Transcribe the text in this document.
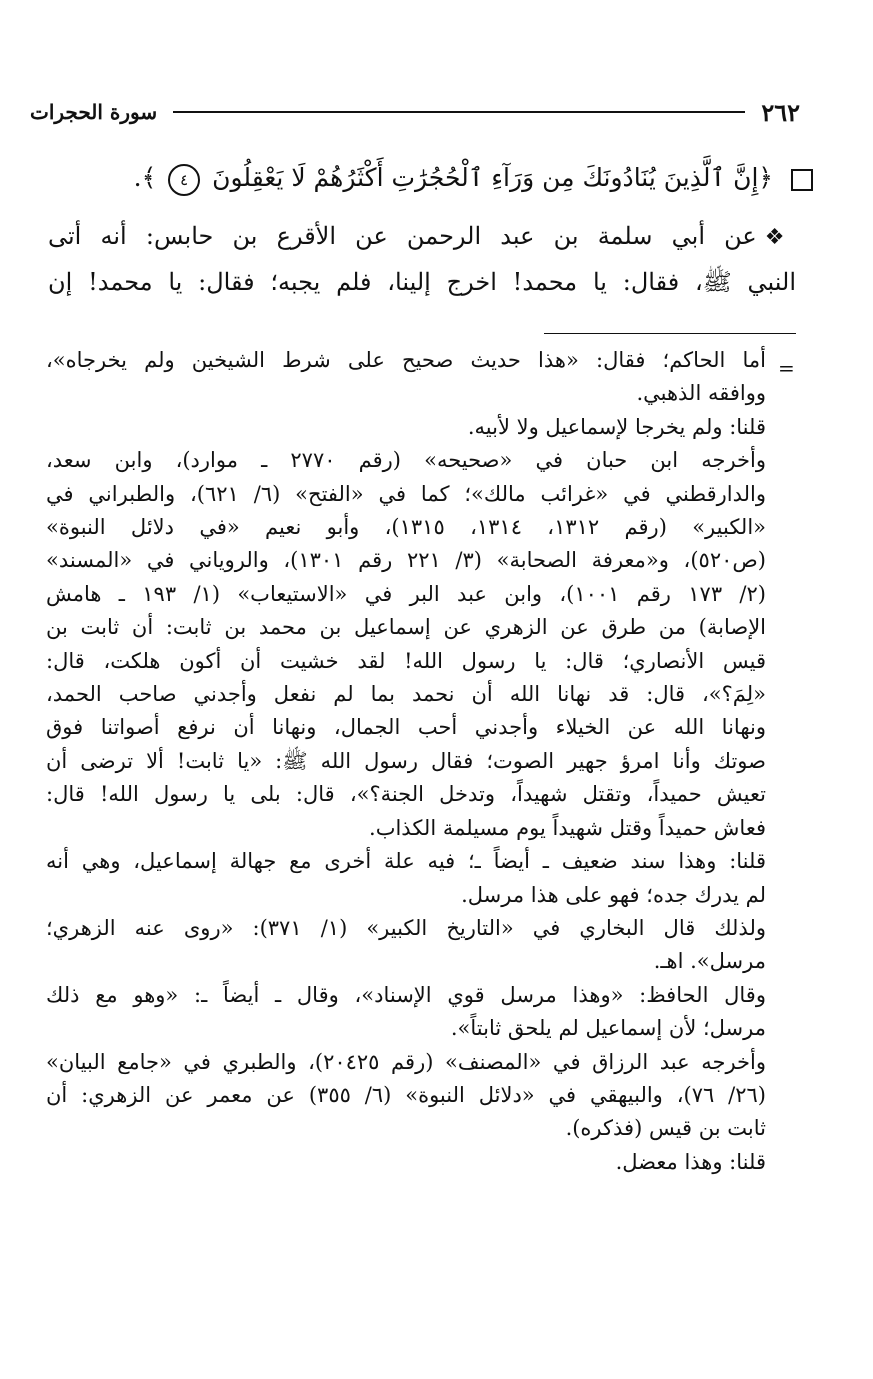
٢٦٢
سورة الحجرات
﴿إِنَّ ٱلَّذِينَ يُنَادُونَكَ مِن وَرَآءِ ٱلْحُجُرَٰتِ أَكْثَرُهُمْ لَا يَعْقِلُونَ ٤ ﴾.
❖عن أبي سلمة بن عبد الرحمن عن الأقرع بن حابس: أنه أتى
النبي ﷺ، فقال: يا محمد! اخرج إلينا، فلم يجبه؛ فقال: يا محمد! إن
=
أما الحاكم؛ فقال: «هذا حديث صحيح على شرط الشيخين ولم يخرجاه»،
ووافقه الذهبي.
قلنا: ولم يخرجا لإسماعيل ولا لأبيه.
وأخرجه ابن حبان في «صحيحه» (رقم ٢٧٧٠ ـ موارد)، وابن سعد،
والدارقطني في «غرائب مالك»؛ كما في «الفتح» (٦/ ٦٢١)، والطبراني في
«الكبير» (رقم ١٣١٢، ١٣١٤، ١٣١٥)، وأبو نعيم «في دلائل النبوة»
(ص٥٢٠)، و«معرفة الصحابة» (٣/ ٢٢١ رقم ١٣٠١)، والروياني في «المسند»
(٢/ ١٧٣ رقم ١٠٠١)، وابن عبد البر في «الاستيعاب» (١/ ١٩٣ ـ هامش
الإصابة) من طرق عن الزهري عن إسماعيل بن محمد بن ثابت: أن ثابت بن
قيس الأنصاري؛ قال: يا رسول الله! لقد خشيت أن أكون هلكت، قال:
«لِمَ؟»، قال: قد نهانا الله أن نحمد بما لم نفعل وأجدني صاحب الحمد،
ونهانا الله عن الخيلاء وأجدني أحب الجمال، ونهانا أن نرفع أصواتنا فوق
صوتك وأنا امرؤ جهير الصوت؛ فقال رسول الله ﷺ: «يا ثابت! ألا ترضى أن
تعيش حميداً، وتقتل شهيداً، وتدخل الجنة؟»، قال: بلى يا رسول الله! قال:
فعاش حميداً وقتل شهيداً يوم مسيلمة الكذاب.
قلنا: وهذا سند ضعيف ـ أيضاً ـ؛ فيه علة أخرى مع جهالة إسماعيل، وهي أنه
لم يدرك جده؛ فهو على هذا مرسل.
ولذلك قال البخاري في «التاريخ الكبير» (١/ ٣٧١): «روى عنه الزهري؛
مرسل». اهـ.
وقال الحافظ: «وهذا مرسل قوي الإسناد»، وقال ـ أيضاً ـ: «وهو مع ذلك
مرسل؛ لأن إسماعيل لم يلحق ثابتاً».
وأخرجه عبد الرزاق في «المصنف» (رقم ٢٠٤٢٥)، والطبري في «جامع البيان»
(٢٦/ ٧٦)، والبيهقي في «دلائل النبوة» (٦/ ٣٥٥) عن معمر عن الزهري: أن
ثابت بن قيس (فذكره).
قلنا: وهذا معضل.
